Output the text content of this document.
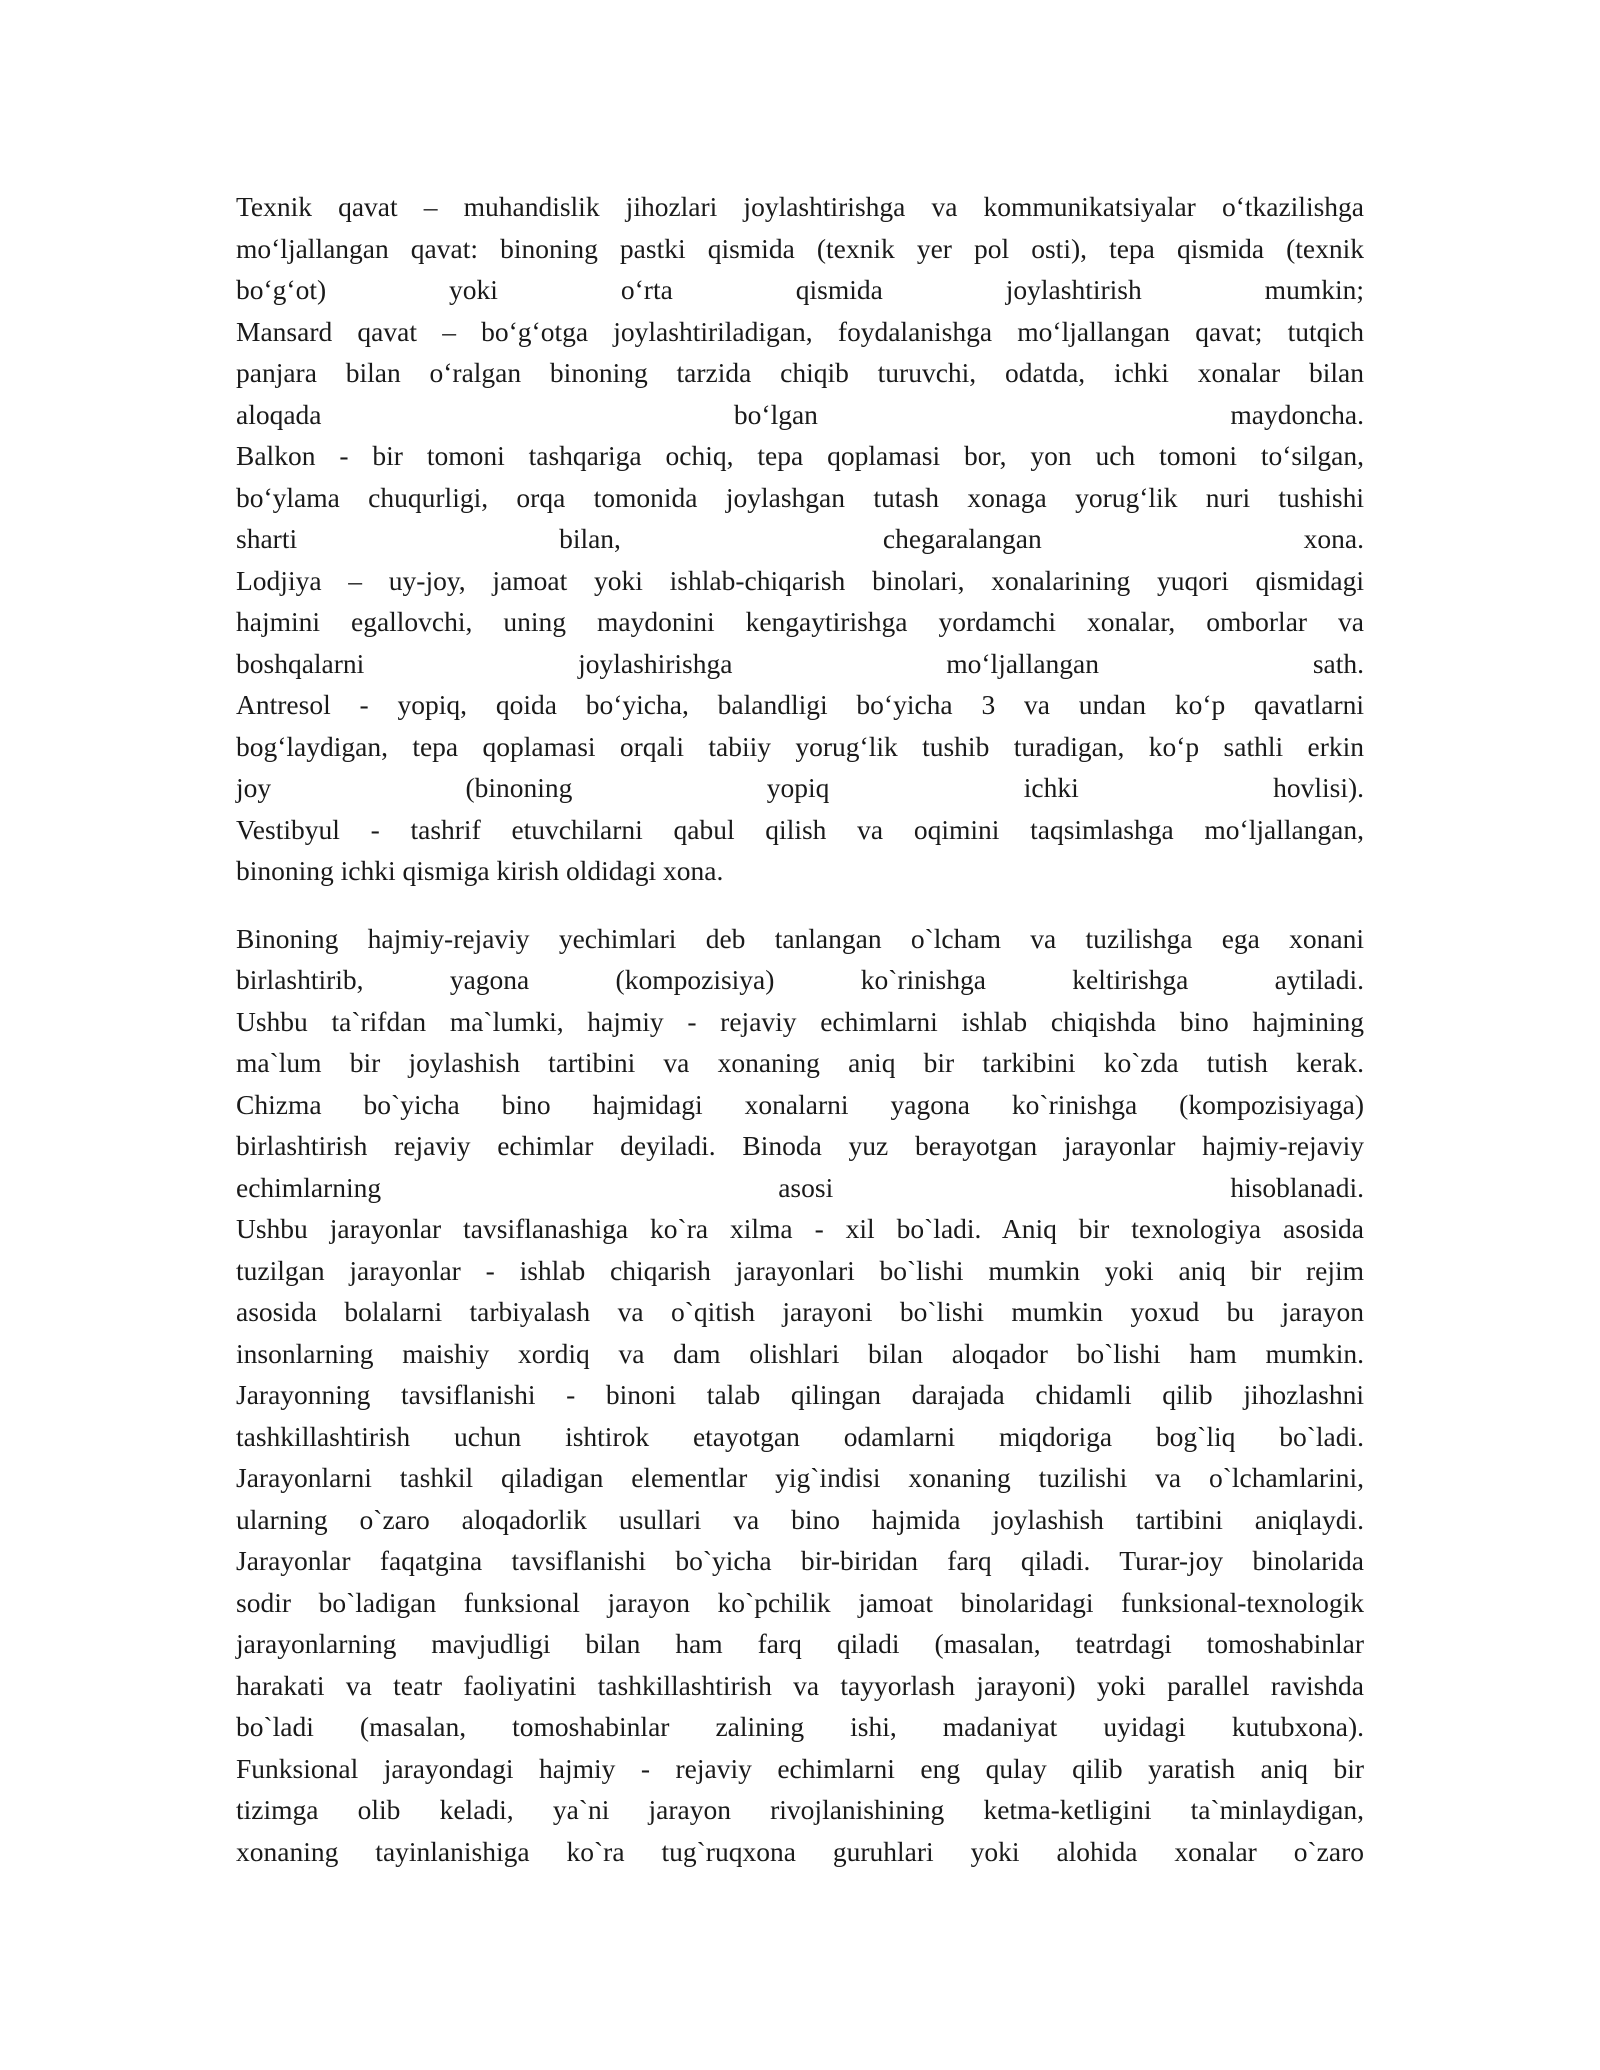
Texnik qavat – muhandislik jihozlari joylashtirishga va kommunikatsiyalar o‘tkazilishga
mo‘ljallangan qavat: binoning pastki qismida (texnik yer pol osti), tepa qismida (texnik
bo‘g‘ot) yoki o‘rta qismida joylashtirish mumkin;
Mansard qavat – bo‘g‘otga joylashtiriladigan, foydalanishga mo‘ljallangan qavat; tutqich
panjara bilan o‘ralgan binoning tarzida chiqib turuvchi, odatda, ichki xonalar bilan
aloqada bo‘lgan maydoncha.
Balkon - bir tomoni tashqariga ochiq, tepa qoplamasi bor, yon uch tomoni to‘silgan,
bo‘ylama chuqurligi, orqa tomonida joylashgan tutash xonaga yorug‘lik nuri tushishi
sharti bilan, chegaralangan xona.
Lodjiya – uy-joy, jamoat yoki ishlab-chiqarish binolari, xonalarining yuqori qismidagi
hajmini egallovchi, uning maydonini kengaytirishga yordamchi xonalar, omborlar va
boshqalarni joylashirishga mo‘ljallangan sath.
Antresol - yopiq, qoida bo‘yicha, balandligi bo‘yicha 3 va undan ko‘p qavatlarni
bog‘laydigan, tepa qoplamasi orqali tabiiy yorug‘lik tushib turadigan, ko‘p sathli erkin
joy (binoning yopiq ichki hovlisi).
Vestibyul - tashrif etuvchilarni qabul qilish va oqimini taqsimlashga mo‘ljallangan,
binoning ichki qismiga kirish oldidagi xona.
Binoning hajmiy-rejaviy yechimlari deb tanlangan o`lcham va tuzilishga ega xonani
birlashtirib, yagona (kompozisiya) ko`rinishga keltirishga aytiladi.
Ushbu ta`rifdan ma`lumki, hajmiy - rejaviy echimlarni ishlab chiqishda bino hajmining
ma`lum bir joylashish tartibini va xonaning aniq bir tarkibini ko`zda tutish kerak.
Chizma bo`yicha bino hajmidagi xonalarni yagona ko`rinishga (kompozisiyaga)
birlashtirish rejaviy echimlar deyiladi. Binoda yuz berayotgan jarayonlar hajmiy-rejaviy
echimlarning asosi hisoblanadi.
Ushbu jarayonlar tavsiflanashiga ko`ra xilma - xil bo`ladi. Aniq bir texnologiya asosida
tuzilgan jarayonlar - ishlab chiqarish jarayonlari bo`lishi mumkin yoki aniq bir rejim
asosida bolalarni tarbiyalash va o`qitish jarayoni bo`lishi mumkin yoxud bu jarayon
insonlarning maishiy xordiq va dam olishlari bilan aloqador bo`lishi ham mumkin.
Jarayonning tavsiflanishi - binoni talab qilingan darajada chidamli qilib jihozlashni
tashkillashtirish uchun ishtirok etayotgan odamlarni miqdoriga bog`liq bo`ladi.
Jarayonlarni tashkil qiladigan elementlar yig`indisi xonaning tuzilishi va o`lchamlarini,
ularning o`zaro aloqadorlik usullari va bino hajmida joylashish tartibini aniqlaydi.
Jarayonlar faqatgina tavsiflanishi bo`yicha bir-biridan farq qiladi. Turar-joy binolarida
sodir bo`ladigan funksional jarayon ko`pchilik jamoat binolaridagi funksional-texnologik
jarayonlarning mavjudligi bilan ham farq qiladi (masalan, teatrdagi tomoshabinlar
harakati va teatr faoliyatini tashkillashtirish va tayyorlash jarayoni) yoki parallel ravishda
bo`ladi (masalan, tomoshabinlar zalining ishi, madaniyat uyidagi kutubxona).
Funksional jarayondagi hajmiy - rejaviy echimlarni eng qulay qilib yaratish aniq bir
tizimga olib keladi, ya`ni jarayon rivojlanishining ketma-ketligini ta`minlaydigan,
xonaning tayinlanishiga ko`ra tug`ruqxona guruhlari yoki alohida xonalar o`zaro
